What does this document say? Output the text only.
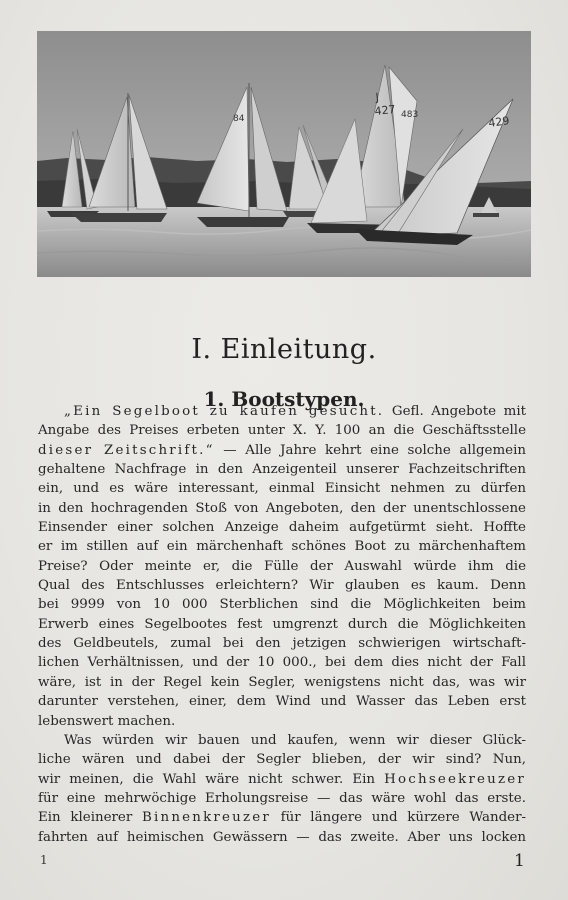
J
427
429
483
84
I. Einleitung.
1. Bootstypen.
„Ein Segelboot zu kaufen gesucht. Gefl. Angebote mit
Angabe des Preises erbeten unter X. Y. 100 an die Geschäftsstelle
dieser Zeitschrift.“ — Alle Jahre kehrt eine solche allgemein
gehaltene Nachfrage in den Anzeigenteil unserer Fachzeitschriften
ein, und es wäre interessant, einmal Einsicht nehmen zu dürfen
in den hochragenden Stoß von Angeboten, den der unentschlossene
Einsender einer solchen Anzeige daheim aufgetürmt sieht. Hoffte
er im stillen auf ein märchenhaft schönes Boot zu märchenhaftem
Preise? Oder meinte er, die Fülle der Auswahl würde ihm die
Qual des Entschlusses erleichtern? Wir glauben es kaum. Denn
bei 9999 von 10 000 Sterblichen sind die Möglichkeiten beim
Erwerb eines Segelbootes fest umgrenzt durch die Möglichkeiten
des Geldbeutels, zumal bei den jetzigen schwierigen wirtschaft-
lichen Verhältnissen, und der 10 000., bei dem dies nicht der Fall
wäre, ist in der Regel kein Segler, wenigstens nicht das, was wir
darunter verstehen, einer, dem Wind und Wasser das Leben erst
lebenswert machen.
Was würden wir bauen und kaufen, wenn wir dieser Glück-
liche wären und dabei der Segler blieben, der wir sind? Nun,
wir meinen, die Wahl wäre nicht schwer. Ein Hochseekreuzer
für eine mehrwöchige Erholungsreise — das wäre wohl das erste.
Ein kleinerer Binnenkreuzer für längere und kürzere Wander-
fahrten auf heimischen Gewässern — das zweite. Aber uns locken
1	1
